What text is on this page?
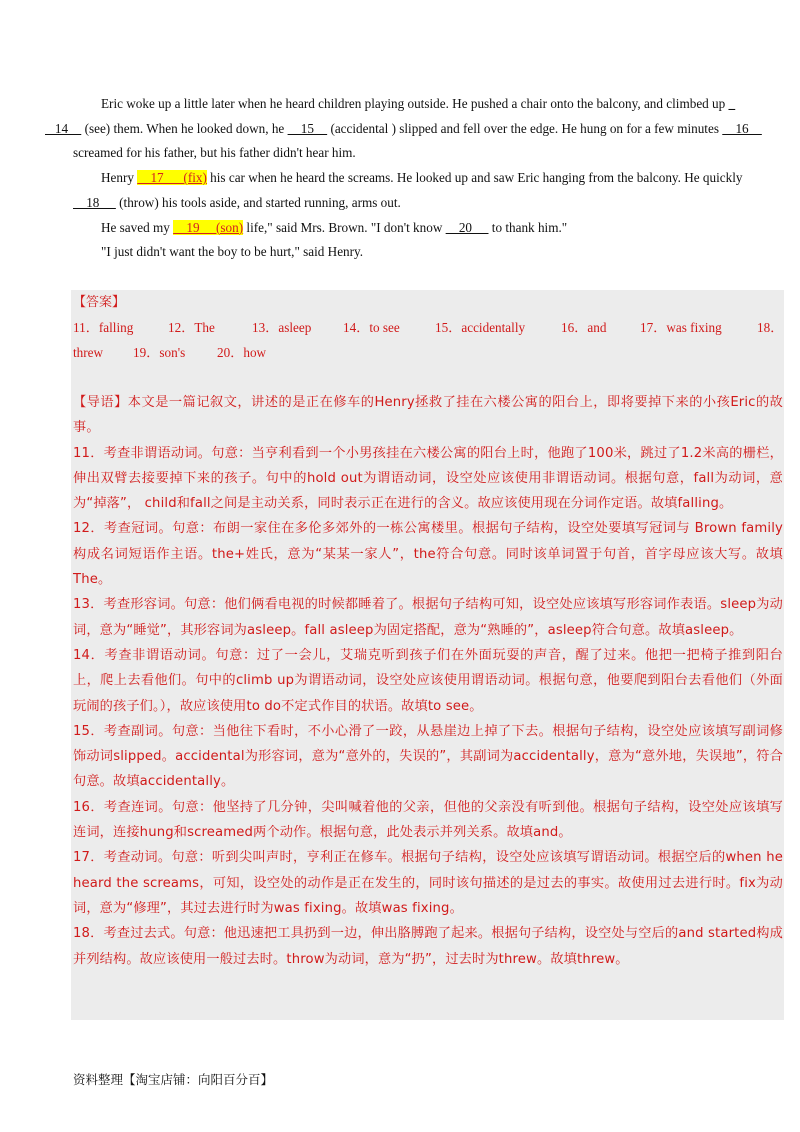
Eric woke up a little later when he heard children playing outside. He pushed a chair onto the balcony, and climbed up _
14     (see) them. When he looked down, he     15     (accidental ) slipped and fell over the edge. He hung on for a few minutes     16     screamed for his father, but his father didn't hear him.

Henry     17      (fix) his car when he heard the screams. He looked up and saw Eric hanging from the balcony. He quickly     18      (throw) his tools aside, and started running, arms out.

He saved my     19     (son) life," said Mrs. Brown. "I don't know     20      to thank him."

"I just didn't want the boy to be hurt," said Henry.

【答案】
11．falling	12．The	13．asleep 14．to see	15．accidentally	16．and	17．was fixing	18．
threw 19．son's 20．how

【导语】本文是一篇记叙文，讲述的是正在修车的Henry拯救了挂在六楼公寓的阳台上，即将要掉下来的小孩Eric的故事。

11．考查非谓语动词。句意：当亨利看到一个小男孩挂在六楼公寓的阳台上时，他跑了100米，跳过了1.2米高的栅栏，伸出双臂去接要掉下来的孩子。句中的hold out为谓语动词，设空处应该使用非谓语动词。根据句意，fall为动词，意为“掉落”， child和fall之间是主动关系，同时表示正在进行的含义。故应该使用现在分词作定语。故填falling。

12．考查冠词。句意：布朗一家住在多伦多郊外的一栋公寓楼里。根据句子结构，设空处要填写冠词与 Brown family 构成名词短语作主语。the+姓氏，意为“某某一家人”，the符合句意。同时该单词置于句首，首字母应该大写。故填The。

13．考查形容词。句意：他们俩看电视的时候都睡着了。根据句子结构可知，设空处应该填写形容词作表语。sleep为动词，意为“睡觉”，其形容词为asleep。fall asleep为固定搭配，意为“熟睡的”，asleep符合句意。故填asleep。

14．考查非谓语动词。句意：过了一会儿，艾瑞克听到孩子们在外面玩耍的声音，醒了过来。他把一把椅子推到阳台上，爬上去看他们。句中的climb up为谓语动词，设空处应该使用谓语动词。根据句意，他要爬到阳台去看他们（外面玩闹的孩子们。），故应该使用to do不定式作目的状语。故填to see。

15．考查副词。句意：当他往下看时，不小心滑了一跤，从悬崖边上掉了下去。根据句子结构，设空处应该填写副词修饰动词slipped。accidental为形容词，意为“意外的，失误的”，其副词为accidentally，意为“意外地，失误地”，符合句意。故填accidentally。

16．考查连词。句意：他坚持了几分钟，尖叫喊着他的父亲，但他的父亲没有听到他。根据句子结构，设空处应该填写连词，连接hung和screamed两个动作。根据句意，此处表示并列关系。故填and。

17．考查动词。句意：听到尖叫声时，亨利正在修车。根据句子结构，设空处应该填写谓语动词。根据空后的when he heard the screams，可知，设空处的动作是正在发生的，同时该句描述的是过去的事实。故使用过去进行时。fix为动词，意为“修理”，其过去进行时为was fixing。故填was fixing。

18．考查过去式。句意：他迅速把工具扔到一边，伸出胳膊跑了起来。根据句子结构，设空处与空后的and started构成并列结构。故应该使用一般过去时。throw为动词，意为“扔”，过去时为threw。故填threw。

资料整理【淘宝店铺：向阳百分百】
